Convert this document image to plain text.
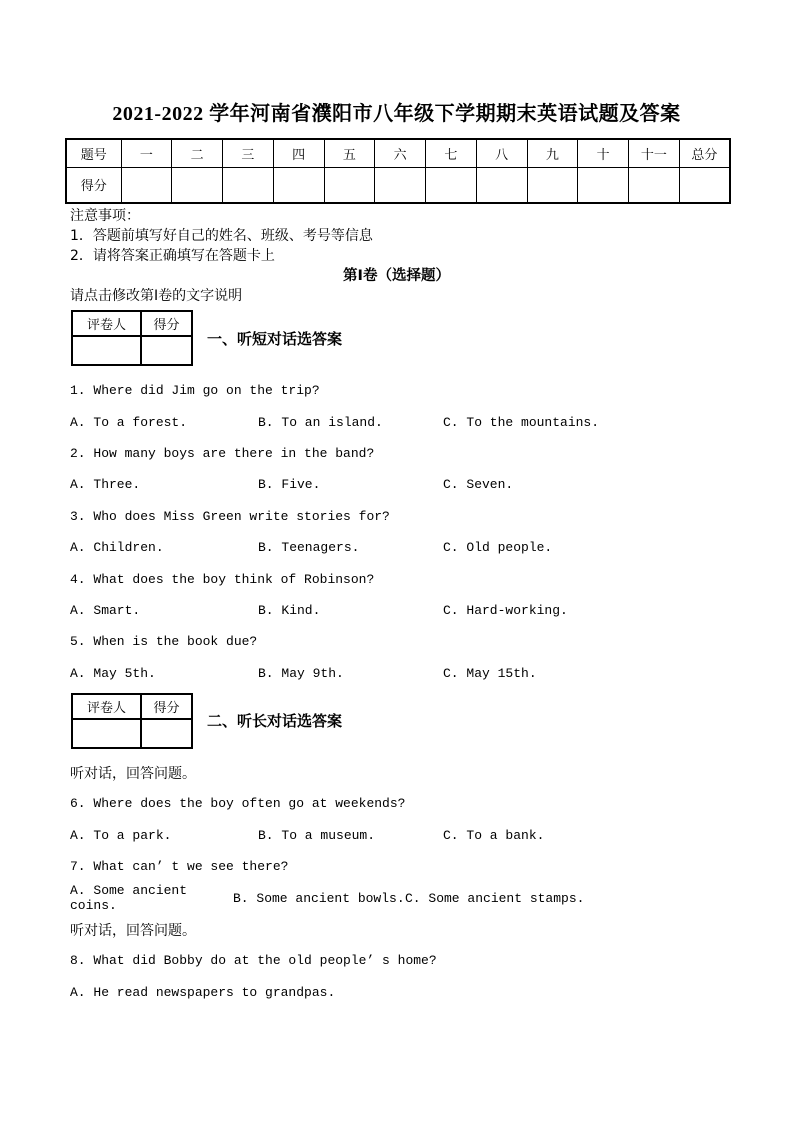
2021-2022 学年河南省濮阳市八年级下学期期末英语试题及答案
题号	一	二	三	四	五	六	七	八	九	十	十一	总分
得分												
注意事项：
1．答题前填写好自己的姓名、班级、考号等信息
2．请将答案正确填写在答题卡上
第Ⅰ卷（选择题）
请点击修改第Ⅰ卷的文字说明
评卷人	得分

一、听短对话选答案
1. Where did Jim go on the trip?
A. To a forest.	B. To an island.	C. To the mountains.
2. How many boys are there in the band?
A. Three.	B. Five.	C. Seven.
3. Who does Miss Green write stories for?
A. Children.	B. Teenagers.	C. Old people.
4. What does the boy think of Robinson?
A. Smart.	B. Kind.	C. Hard-working.
5. When is the book due?
A. May 5th.	B. May 9th.	C. May 15th.
评卷人	得分

二、听长对话选答案
听对话，回答问题。
6. Where does the boy often go at weekends?
A. To a park.	B. To a museum.	C. To a bank.
7. What can’ t we see there?
A. Some ancient coins.	B. Some ancient bowls. C. Some ancient stamps.
听对话，回答问题。
8. What did Bobby do at the old people’ s home?
A. He read newspapers to grandpas.
